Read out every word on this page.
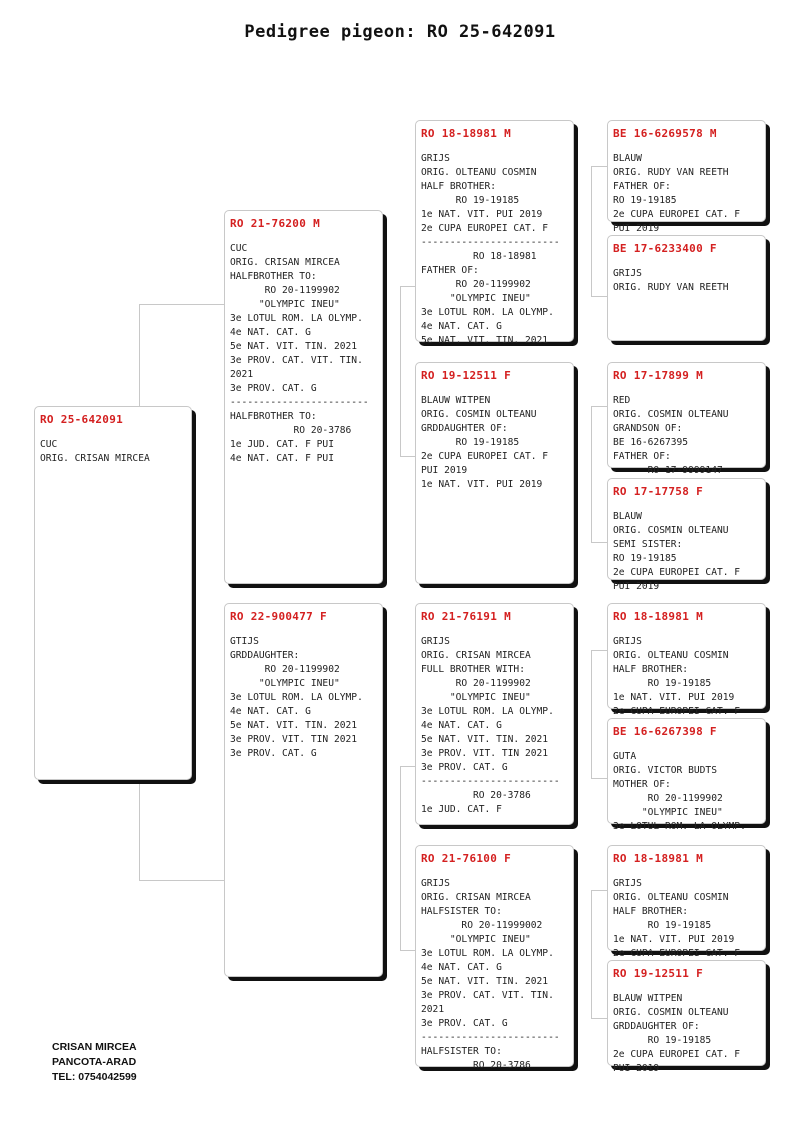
Pedigree pigeon: RO 25-642091
RO 25-642091
CUC
ORIG. CRISAN MIRCEA
RO 21-76200 M
CUC
ORIG. CRISAN MIRCEA
HALFBROTHER TO:
RO 20-1199902
"OLYMPIC INEU"
3e LOTUL ROM. LA OLYMP.
4e NAT. CAT. G
5e NAT. VIT. TIN. 2021
3e PROV. CAT. VIT. TIN.
2021
3e PROV. CAT. G
------------------------
HALFBROTHER TO:
RO 20-3786
1e JUD. CAT. F PUI
4e NAT. CAT. F PUI
RO 22-900477 F
GTIJS
GRDDAUGHTER:
RO 20-1199902
"OLYMPIC INEU"
3e LOTUL ROM. LA OLYMP.
4e NAT. CAT. G
5e NAT. VIT. TIN. 2021
3e PROV. VIT. TIN 2021
3e PROV. CAT. G
RO 18-18981 M
GRIJS
ORIG. OLTEANU COSMIN
HALF BROTHER:
RO 19-19185
1e NAT. VIT. PUI 2019
2e CUPA EUROPEI CAT. F
------------------------
RO 18-18981
FATHER OF:
RO 20-1199902
"OLYMPIC INEU"
3e LOTUL ROM. LA OLYMP.
4e NAT. CAT. G
5e NAT. VIT. TIN. 2021
RO 19-12511 F
BLAUW WITPEN
ORIG. COSMIN OLTEANU
GRDDAUGHTER OF:
RO 19-19185
2e CUPA EUROPEI CAT. F
PUI 2019
1e NAT. VIT. PUI 2019
RO 21-76191 M
GRIJS
ORIG. CRISAN MIRCEA
FULL BROTHER WITH:
RO 20-1199902
"OLYMPIC INEU"
3e LOTUL ROM. LA OLYMP.
4e NAT. CAT. G
5e NAT. VIT. TIN. 2021
3e PROV. VIT. TIN 2021
3e PROV. CAT. G
------------------------
RO 20-3786
1e JUD. CAT. F
RO 21-76100 F
GRIJS
ORIG. CRISAN MIRCEA
HALFSISTER TO:
RO 20-11999002
"OLYMPIC INEU"
3e LOTUL ROM. LA OLYMP.
4e NAT. CAT. G
5e NAT. VIT. TIN. 2021
3e PROV. CAT. VIT. TIN.
2021
3e PROV. CAT. G
------------------------
HALFSISTER TO:
RO 20-3786
BE 16-6269578 M
BLAUW
ORIG. RUDY VAN REETH
FATHER OF:
RO 19-19185
2e CUPA EUROPEI CAT. F
PUI 2019
BE 17-6233400 F
GRIJS
ORIG. RUDY VAN REETH
RO 17-17899 M
RED
ORIG. COSMIN OLTEANU
GRANDSON OF:
BE 16-6267395
FATHER OF:
RO 17-9999147
RO 17-17758 F
BLAUW
ORIG. COSMIN OLTEANU
SEMI SISTER:
RO 19-19185
2e CUPA EUROPEI CAT. F
PUI 2019
RO 18-18981 M
GRIJS
ORIG. OLTEANU COSMIN
HALF BROTHER:
RO 19-19185
1e NAT. VIT. PUI 2019
2e CUPA EUROPEI CAT. F
BE 16-6267398 F
GUTA
ORIG. VICTOR BUDTS
MOTHER OF:
RO 20-1199902
"OLYMPIC INEU"
3e LOTUL ROM. LA OLYMP.
RO 18-18981 M
GRIJS
ORIG. OLTEANU COSMIN
HALF BROTHER:
RO 19-19185
1e NAT. VIT. PUI 2019
2e CUPA EUROPEI CAT. F
RO 19-12511 F
BLAUW WITPEN
ORIG. COSMIN OLTEANU
GRDDAUGHTER OF:
RO 19-19185
2e CUPA EUROPEI CAT. F
PUI 2019
CRISAN MIRCEA
PANCOTA-ARAD
TEL: 0754042599
